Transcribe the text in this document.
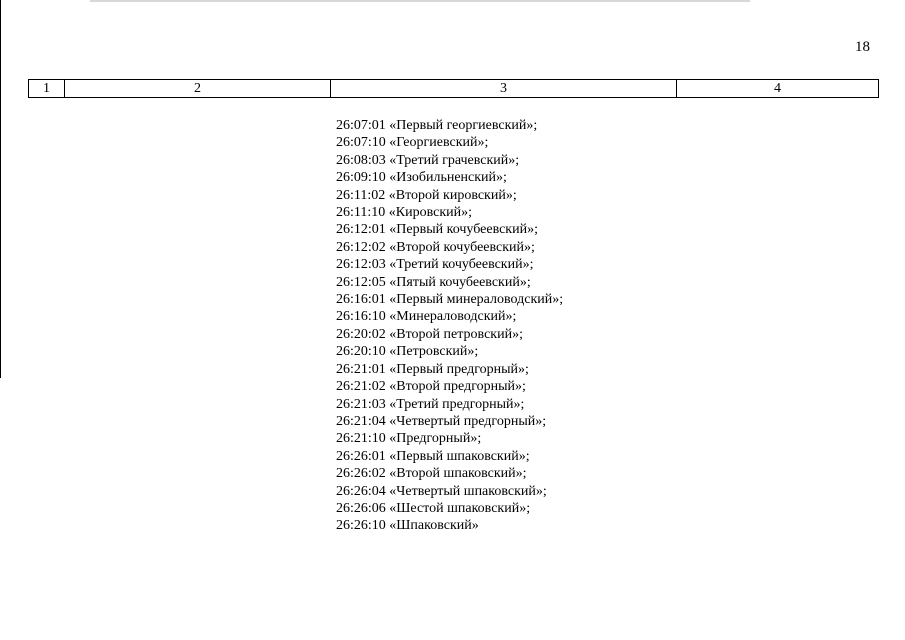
18
1	2	3	4
26:07:01 «Первый георгиевский»;
26:07:10 «Георгиевский»;
26:08:03 «Третий грачевский»;
26:09:10 «Изобильненский»;
26:11:02 «Второй кировский»;
26:11:10 «Кировский»;
26:12:01 «Первый кочубеевский»;
26:12:02 «Второй кочубеевский»;
26:12:03 «Третий кочубеевский»;
26:12:05 «Пятый кочубеевский»;
26:16:01 «Первый минераловодский»;
26:16:10 «Минераловодский»;
26:20:02 «Второй петровский»;
26:20:10 «Петровский»;
26:21:01 «Первый предгорный»;
26:21:02 «Второй предгорный»;
26:21:03 «Третий предгорный»;
26:21:04 «Четвертый предгорный»;
26:21:10 «Предгорный»;
26:26:01 «Первый шпаковский»;
26:26:02 «Второй шпаковский»;
26:26:04 «Четвертый шпаковский»;
26:26:06 «Шестой шпаковский»;
26:26:10 «Шпаковский»
